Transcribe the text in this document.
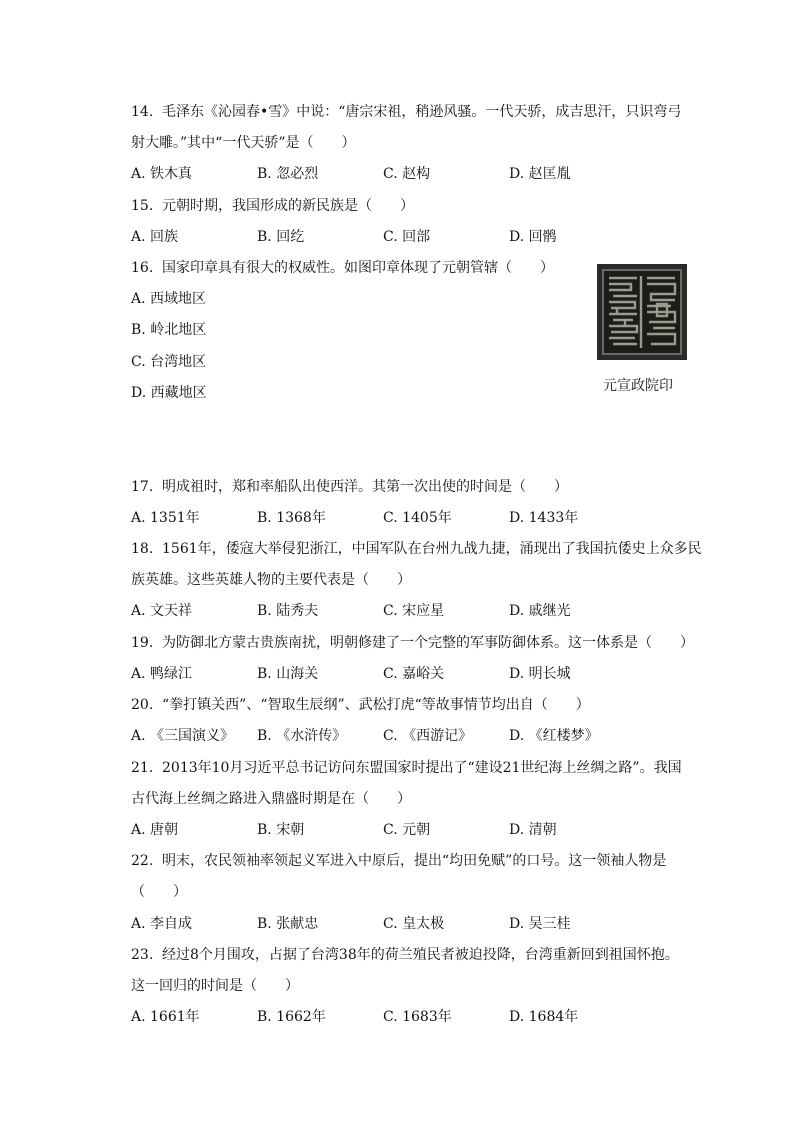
14. 毛泽东《沁园春•雪》中说：“唐宗宋祖，稍逊风骚。一代天骄，成吉思汗，只识弯弓
射大雕。”其中“一代天骄”是（　　）
A. 铁木真	B. 忽必烈	C. 赵构	D. 赵匡胤
15. 元朝时期，我国形成的新民族是（　　）
A. 回族	B. 回纥	C. 回部	D. 回鹘
16. 国家印章具有很大的权威性。如图印章体现了元朝管辖（　　）
A. 西域地区
B. 岭北地区
C. 台湾地区
D. 西藏地区	元宣政院印
17. 明成祖时，郑和率船队出使西洋。其第一次出使的时间是（　　）
A. 1351年	B. 1368年	C. 1405年	D. 1433年
18. 1561年，倭寇大举侵犯浙江，中国军队在台州九战九捷，涌现出了我国抗倭史上众多民
族英雄。这些英雄人物的主要代表是（　　）
A. 文天祥	B. 陆秀夫	C. 宋应星	D. 戚继光
19. 为防御北方蒙古贵族南扰，明朝修建了一个完整的军事防御体系。这一体系是（　　）
A. 鸭绿江	B. 山海关	C. 嘉峪关	D. 明长城
20. “拳打镇关西”、“智取生辰纲”、武松打虎“等故事情节均出自（　　）
A. 《三国演义》	B. 《水浒传》	C. 《西游记》	D. 《红楼梦》
21. 2013年10月习近平总书记访问东盟国家时提出了“建设21世纪海上丝绸之路”。我国
古代海上丝绸之路进入鼎盛时期是在（　　）
A. 唐朝	B. 宋朝	C. 元朝	D. 清朝
22. 明末，农民领袖率领起义军进入中原后，提出“均田免赋”的口号。这一领袖人物是
（　　）
A. 李自成	B. 张献忠	C. 皇太极	D. 吴三桂
23. 经过8个月围攻，占据了台湾38年的荷兰殖民者被迫投降，台湾重新回到祖国怀抱。
这一回归的时间是（　　）
A. 1661年	B. 1662年	C. 1683年	D. 1684年
